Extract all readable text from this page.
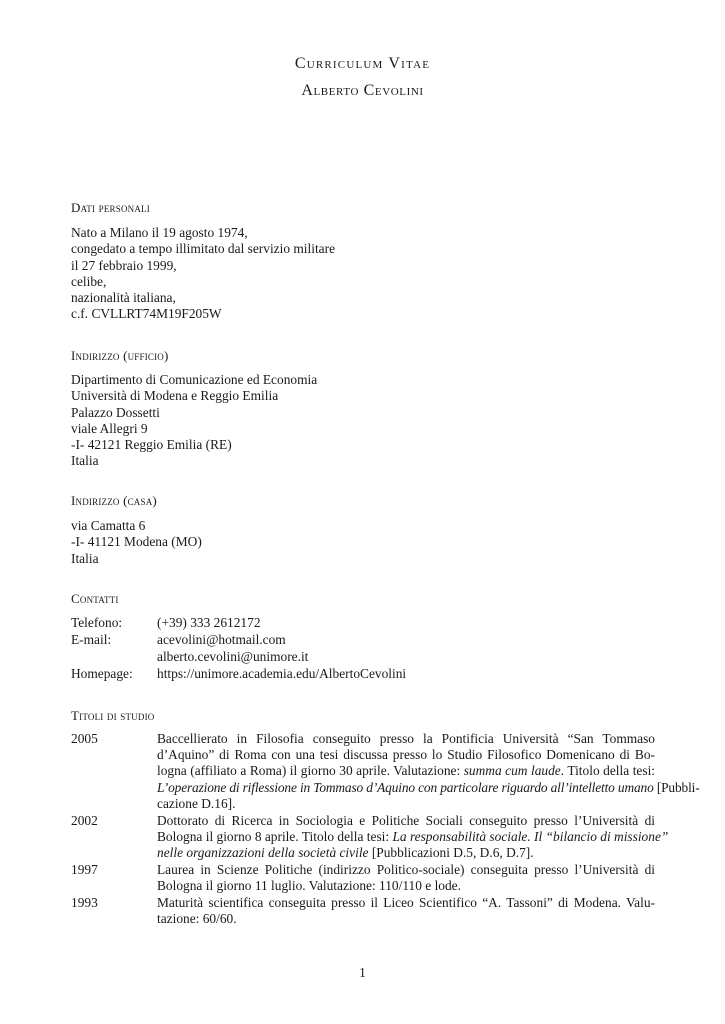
Curriculum Vitae
Alberto Cevolini
Dati personali
Nato a Milano il 19 agosto 1974,
congedato a tempo illimitato dal servizio militare
il 27 febbraio 1999,
celibe,
nazionalità italiana,
c.f. CVLLRT74M19F205W
Indirizzo (ufficio)
Dipartimento di Comunicazione ed Economia
Università di Modena e Reggio Emilia
Palazzo Dossetti
viale Allegri 9
-I- 42121 Reggio Emilia (RE)
Italia
Indirizzo (casa)
via Camatta 6
-I- 41121 Modena (MO)
Italia
Contatti
Telefono:	(+39) 333 2612172
E-mail:	acevolini@hotmail.com
alberto.cevolini@unimore.it
Homepage: https://unimore.academia.edu/AlbertoCevolini
Titoli di studio
2005	Baccellierato in Filosofia conseguito presso la Pontificia Università “San Tommaso
d’Aquino” di Roma con una tesi discussa presso lo Studio Filosofico Domenicano di Bo-
logna (affiliato a Roma) il giorno 30 aprile. Valutazione: summa cum laude. Titolo della tesi:
L’operazione di riflessione in Tommaso d’Aquino con particolare riguardo all’intelletto umano [Pubbli-
cazione D.16].
2002	Dottorato di Ricerca in Sociologia e Politiche Sociali conseguito presso l’Università di
Bologna il giorno 8 aprile. Titolo della tesi: La responsabilità sociale. Il “bilancio di missione”
nelle organizzazioni della società civile [Pubblicazioni D.5, D.6, D.7].
1997	Laurea in Scienze Politiche (indirizzo Politico-sociale) conseguita presso l’Università di
Bologna il giorno 11 luglio. Valutazione: 110/110 e lode.
1993	Maturità scientifica conseguita presso il Liceo Scientifico “A. Tassoni” di Modena. Valu-
tazione: 60/60.
1
